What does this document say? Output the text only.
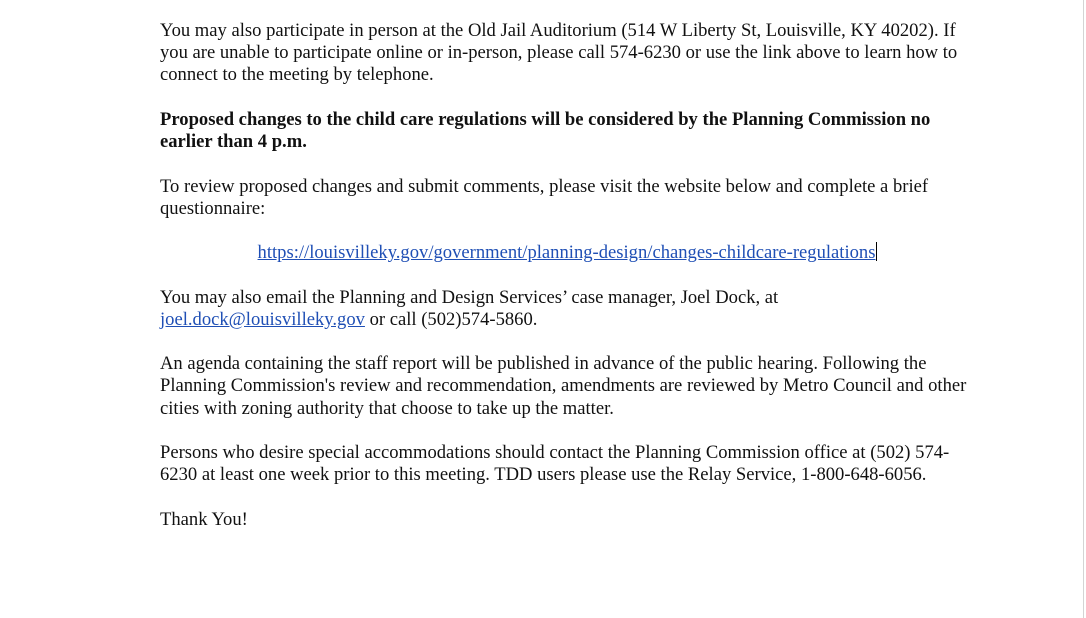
You may also participate in person at the Old Jail Auditorium (514 W Liberty St, Louisville, KY 40202). If you are unable to participate online or in-person, please call 574-6230 or use the link above to learn how to connect to the meeting by telephone.

Proposed changes to the child care regulations will be considered by the Planning Commission no earlier than 4 p.m.

To review proposed changes and submit comments, please visit the website below and complete a brief questionnaire:

https://louisvilleky.gov/government/planning-design/changes-childcare-regulations

You may also email the Planning and Design Services’ case manager, Joel Dock, at
joel.dock@louisvilleky.gov or call (502)574-5860.

An agenda containing the staff report will be published in advance of the public hearing. Following the Planning Commission's review and recommendation, amendments are reviewed by Metro Council and other cities with zoning authority that choose to take up the matter.

Persons who desire special accommodations should contact the Planning Commission office at (502) 574-6230 at least one week prior to this meeting. TDD users please use the Relay Service, 1-800-648-6056.

Thank You!
